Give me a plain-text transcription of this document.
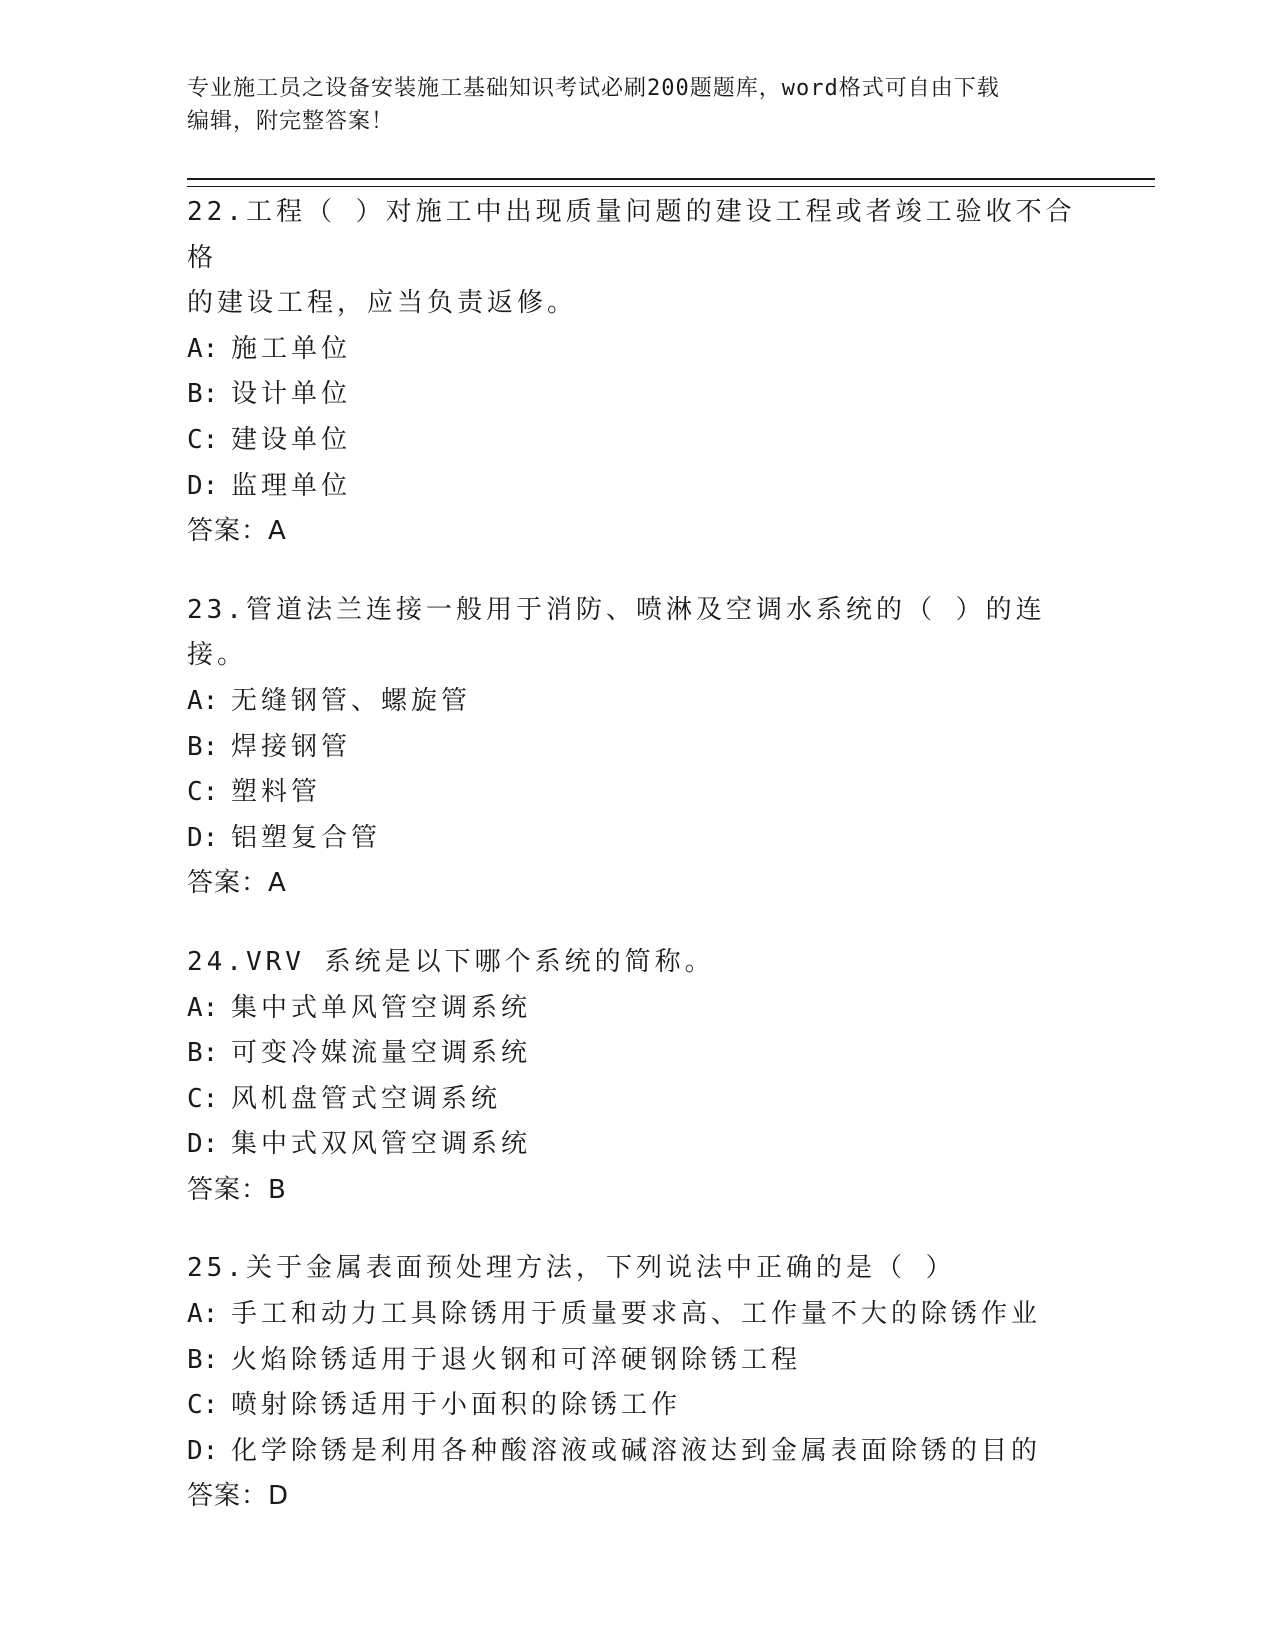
专业施工员之设备安装施工基础知识考试必刷200题题库，word格式可自由下载
编辑，附完整答案！
22.工程（ ）对施工中出现质量问题的建设工程或者竣工验收不合格
的建设工程，应当负责返修。
A: 施工单位
B: 设计单位
C: 建设单位
D: 监理单位
答案：A
23.管道法兰连接一般用于消防、喷淋及空调水系统的（ ）的连接。
A: 无缝钢管、螺旋管
B: 焊接钢管
C: 塑料管
D: 铝塑复合管
答案：A
24.VRV 系统是以下哪个系统的简称。
A: 集中式单风管空调系统
B: 可变冷媒流量空调系统
C: 风机盘管式空调系统
D: 集中式双风管空调系统
答案：B
25.关于金属表面预处理方法，下列说法中正确的是（ ）
A: 手工和动力工具除锈用于质量要求高、工作量不大的除锈作业
B: 火焰除锈适用于退火钢和可淬硬钢除锈工程
C: 喷射除锈适用于小面积的除锈工作
D: 化学除锈是利用各种酸溶液或碱溶液达到金属表面除锈的目的
答案：D
